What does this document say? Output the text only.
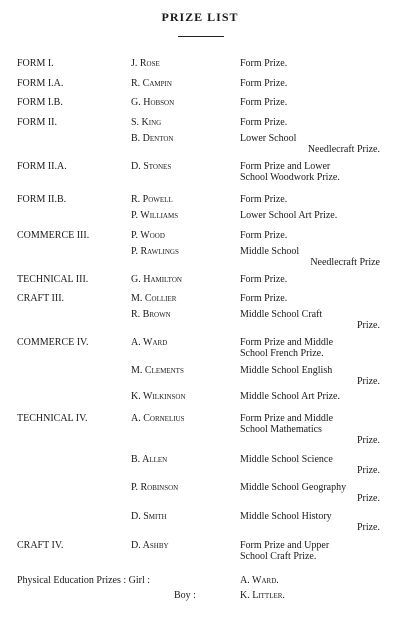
PRIZE LIST
FORM I.	J. Rose	Form Prize.
FORM I.A.	R. Campin	Form Prize.
FORM I.B.	G. Hobson	Form Prize.
FORM II.	S. King	Form Prize.
B. Denton	Lower School
Needlecraft Prize.
FORM II.A.	D. Stones	Form Prize and Lower
School Woodwork Prize.
FORM II.B.	R. Powell	Form Prize.
P. Williams	Lower School Art Prize.
COMMERCE III.	P. Wood	Form Prize.
P. Rawlings	Middle School
Needlecraft Prize
TECHNICAL III.	G. Hamilton	Form Prize.
CRAFT III.	M. Collier	Form Prize.
R. Brown	Middle School Craft
Prize.
COMMERCE IV.	A. Ward	Form Prize and Middle
School French Prize.
M. Clements	Middle School English
Prize.
K. Wilkinson	Middle School Art Prize.
TECHNICAL IV.	A. Cornelius	Form Prize and Middle
School Mathematics
Prize.
B. Allen	Middle School Science
Prize.
P. Robinson	Middle School Geography
Prize.
D. Smith	Middle School History
Prize.
CRAFT IV.	D. Ashby	Form Prize and Upper
School Craft Prize.
Physical Education Prizes : Girl :	A. Ward.
Boy :	K. Littler.
